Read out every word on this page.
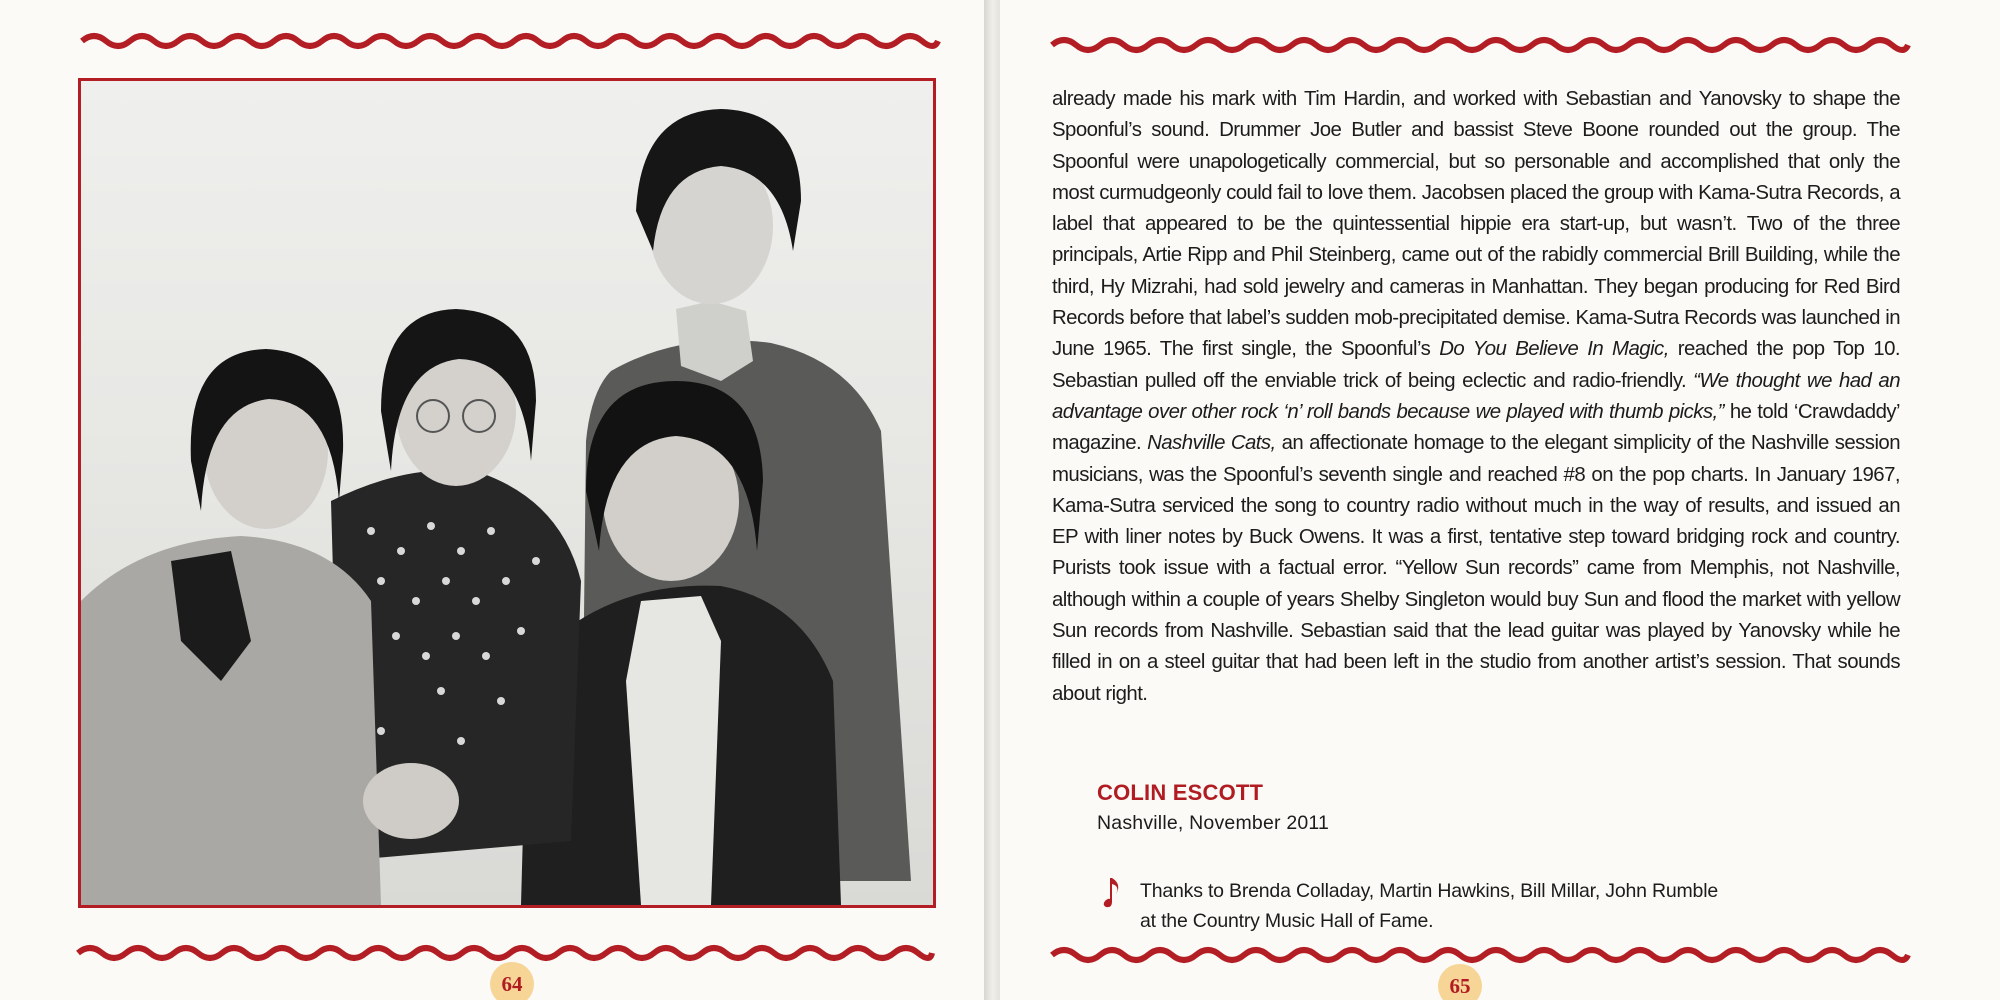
64

already made his mark with Tim Hardin, and worked with Sebastian and Yanovsky to shape the Spoonful’s sound. Drummer Joe Butler and bassist Steve Boone rounded out the group. The Spoonful were unapologetically commercial, but so personable and accomplished that only the most curmudgeonly could fail to love them. Jacobsen placed the group with Kama-Sutra Records, a label that appeared to be the quintessential hippie era start-up, but wasn’t. Two of the three principals, Artie Ripp and Phil Steinberg, came out of the rabidly commercial Brill Building, while the third, Hy Mizrahi, had sold jewelry and cameras in Manhattan. They began producing for Red Bird Records before that label’s sudden mob-precipitated demise. Kama-Sutra Records was launched in June 1965. The first single, the Spoonful’s Do You Believe In Magic, reached the pop Top 10. Sebastian pulled off the enviable trick of being eclectic and radio-friendly. “We thought we had an advantage over other rock ‘n’ roll bands because we played with thumb picks,” he told ‘Crawdaddy’ magazine. Nashville Cats, an affectionate homage to the elegant simplicity of the Nashville session musicians, was the Spoonful’s seventh single and reached #8 on the pop charts. In January 1967, Kama-Sutra serviced the song to country radio without much in the way of results, and issued an EP with liner notes by Buck Owens. It was a first, tentative step toward bridging rock and country. Purists took issue with a factual error. “Yellow Sun records” came from Memphis, not Nashville, although within a couple of years Shelby Singleton would buy Sun and flood the market with yellow Sun records from Nashville. Sebastian said that the lead guitar was played by Yanovsky while he filled in on a steel guitar that had been left in the studio from another artist’s session. That sounds about right.

COLIN ESCOTT
Nashville, November 2011
Thanks to Brenda Colladay, Martin Hawkins, Bill Millar, John Rumble
at the Country Music Hall of Fame.
65
